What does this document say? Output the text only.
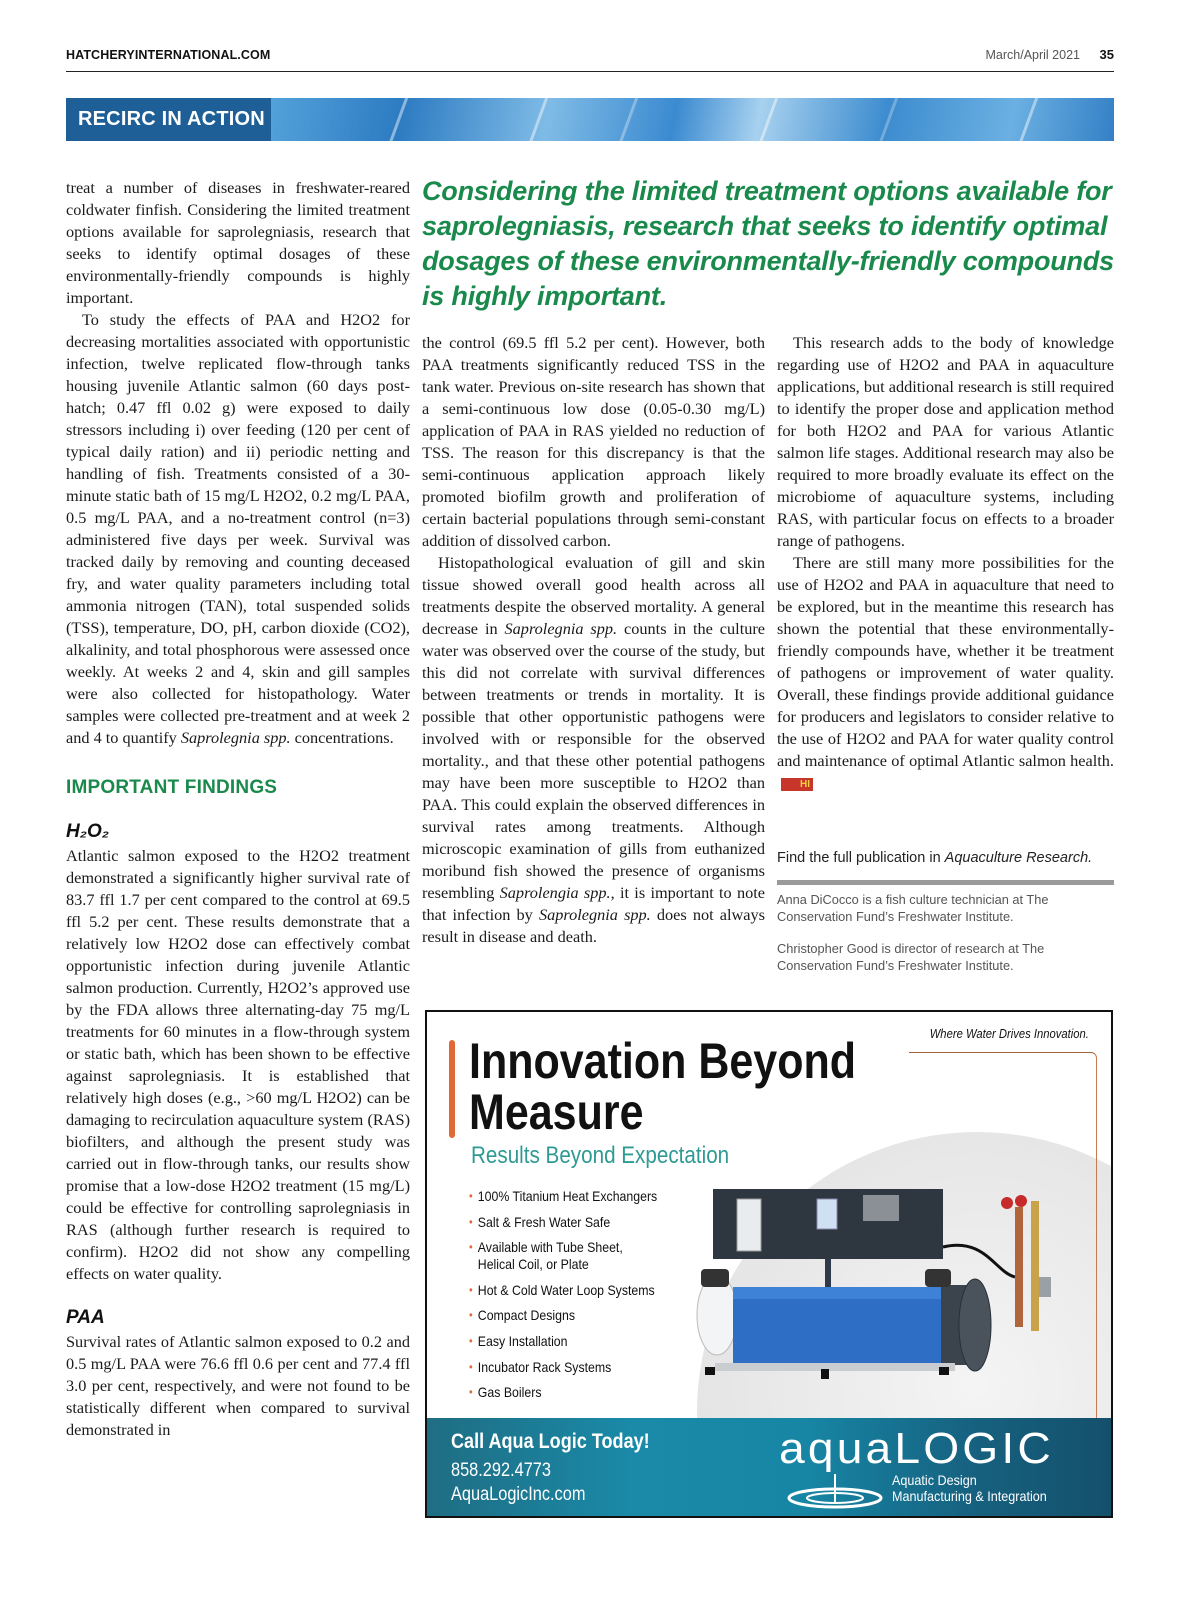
HATCHERYINTERNATIONAL.COM	March/April 2021 35
RECIRC IN ACTION
Considering the limited treatment options available for saprolegniasis, research that seeks to identify optimal dosages of these environmentally-friendly compounds is highly important.

treat a number of diseases in freshwater-reared coldwater finfish. Considering the limited treatment options available for saprolegniasis, research that seeks to identify optimal dosages of these environmentally-friendly compounds is highly important.

To study the effects of PAA and H2O2 for decreasing mortalities associated with opportunistic infection, twelve replicated flow-through tanks housing juvenile Atlantic salmon (60 days post-hatch; 0.47 ffl 0.02 g) were exposed to daily stressors including i) over feeding (120 per cent of typical daily ration) and ii) periodic netting and handling of fish. Treatments consisted of a 30-minute static bath of 15 mg/L H2O2, 0.2 mg/L PAA, 0.5 mg/L PAA, and a no-treatment control (n=3) administered five days per week. Survival was tracked daily by removing and counting deceased fry, and water quality parameters including total ammonia nitrogen (TAN), total suspended solids (TSS), temperature, DO, pH, carbon dioxide (CO2), alkalinity, and total phosphorous were assessed once weekly. At weeks 2 and 4, skin and gill samples were also collected for histopathology. Water samples were collected pre-treatment and at week 2 and 4 to quantify Saprolegnia spp. concentrations.

IMPORTANT FINDINGS
H₂O₂

Atlantic salmon exposed to the H2O2 treatment demonstrated a significantly higher survival rate of 83.7 ffl 1.7 per cent compared to the control at 69.5 ffl 5.2 per cent. These results demonstrate that a relatively low H2O2 dose can effectively combat opportunistic infection during juvenile Atlantic salmon production. Currently, H2O2’s approved use by the FDA allows three alternating-day 75 mg/L treatments for 60 minutes in a flow-through system or static bath, which has been shown to be effective against saprolegniasis. It is established that relatively high doses (e.g., >60 mg/L H2O2) can be damaging to recirculation aquaculture system (RAS) biofilters, and although the present study was carried out in flow-through tanks, our results show promise that a low-dose H2O2 treatment (15 mg/L) could be effective for controlling saprolegniasis in RAS (although further research is required to confirm). H2O2 did not show any compelling effects on water quality.

PAA

Survival rates of Atlantic salmon exposed to 0.2 and 0.5 mg/L PAA were 76.6 ffl 0.6 per cent and 77.4 ffl 3.0 per cent, respectively, and were not found to be statistically different when compared to survival demonstrated in

the control (69.5 ffl 5.2 per cent). However, both PAA treatments significantly reduced TSS in the tank water. Previous on-site research has shown that a semi-continuous low dose (0.05-0.30 mg/L) application of PAA in RAS yielded no reduction of TSS. The reason for this discrepancy is that the semi-continuous application approach likely promoted biofilm growth and proliferation of certain bacterial populations through semi-constant addition of dissolved carbon.

Histopathological evaluation of gill and skin tissue showed overall good health across all treatments despite the observed mortality. A general decrease in Saprolegnia spp. counts in the culture water was observed over the course of the study, but this did not correlate with survival differences between treatments or trends in mortality. It is possible that other opportunistic pathogens were involved with or responsible for the observed mortality., and that these other potential pathogens may have been more susceptible to H2O2 than PAA. This could explain the observed differences in survival rates among treatments. Although microscopic examination of gills from euthanized moribund fish showed the presence of organisms resembling Saprolengia spp., it is important to note that infection by Saprolegnia spp. does not always result in disease and death.

This research adds to the body of knowledge regarding use of H2O2 and PAA in aquaculture applications, but additional research is still required to identify the proper dose and application method for both H2O2 and PAA for various Atlantic salmon life stages. Additional research may also be required to more broadly evaluate its effect on the microbiome of aquaculture systems, including RAS, with particular focus on effects to a broader range of pathogens.

There are still many more possibilities for the use of H2O2 and PAA in aquaculture that need to be explored, but in the meantime this research has shown the potential that these environmentally-friendly compounds have, whether it be treatment of pathogens or improvement of water quality. Overall, these findings provide additional guidance for producers and legislators to consider relative to the use of H2O2 and PAA for water quality control and maintenance of optimal Atlantic salmon health.HI

Find the full publication in Aquaculture Research.
Anna DiCocco is a fish culture technician at The Conservation Fund’s Freshwater Institute.
Christopher Good is director of research at The Conservation Fund’s Freshwater Institute.
Where Water Drives Innovation.
Innovation Beyond
Measure
Results Beyond Expectation
• 100% Titanium Heat Exchangers
• Salt & Fresh Water Safe
• Available with Tube Sheet,
Helical Coil, or Plate
• Hot & Cold Water Loop Systems
• Compact Designs
• Easy Installation
• Incubator Rack Systems
• Gas Boilers
Call Aqua Logic Today!
858.292.4773
AquaLogicInc.com
aquaLOGIC
Aquatic Design
Manufacturing & Integration
